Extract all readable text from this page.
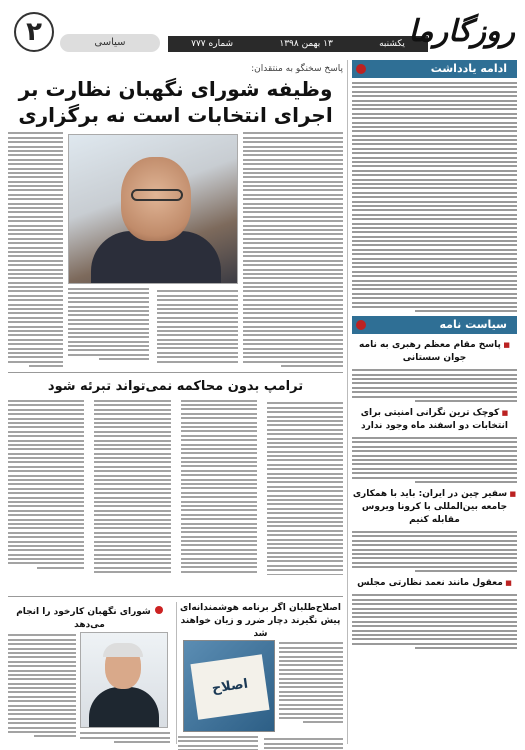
۲	سیاسی	یکشنبه
۱۳ بهمن ۱۳۹۸
شماره ۷۷۷	روزگارما
ادامه یادداشت
سیاست نامه
■ پاسخ مقام معظم رهبری به نامه جوان سستانی
■ کوچک ترین نگرانی امنیتی برای انتخابات دو اسفند ماه وجود ندارد
■ سفیر چین در ایران: باید با همکاری جامعه بین‌المللی با کرونا ویروس مقابله کنیم
■ معقول مانند نعمد نظارتی مجلس
پاسخ سخنگو به منتقدان:
وظیفه شورای نگهبان نظارت بر اجرای انتخابات است نه برگزاری
ترامپ بدون محاکمه نمی‌تواند تبرئه شود
اصلاح‌طلبان اگر برنامه هوشمندانه‌ای پیش نگیرند دچار ضرر و زیان خواهند شد
اصلاح
شورای نگهبان کارخود را انجام می‌دهد
